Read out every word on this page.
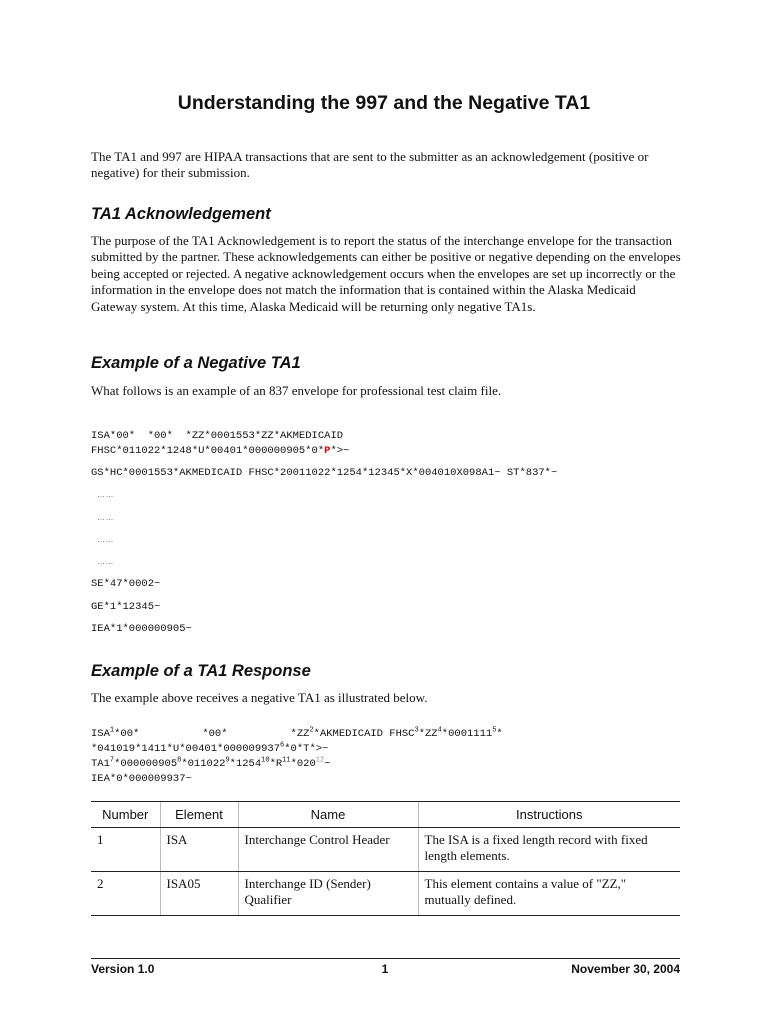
Understanding the 997 and the Negative TA1

The TA1 and 997 are HIPAA transactions that are sent to the submitter as an acknowledgement (positive or negative) for their submission.

TA1 Acknowledgement

The purpose of the TA1 Acknowledgement is to report the status of the interchange envelope for the transaction submitted by the partner. These acknowledgements can either be positive or negative depending on the envelopes being accepted or rejected. A negative acknowledgement occurs when the envelopes are set up incorrectly or the information in the envelope does not match the information that is contained within the Alaska Medicaid Gateway system. At this time, Alaska Medicaid will be returning only negative TA1s.

Example of a Negative TA1

What follows is an example of an 837 envelope for professional test claim file.

ISA*00*  *00*  *ZZ*0001553*ZZ*AKMEDICAID
FHSC*011022*1248*U*00401*000000905*0*P*>~
GS*HC*0001553*AKMEDICAID FHSC*20011022*1254*12345*X*004010X098A1~ ST*837*~
……
……
……
……
SE*47*0002~
GE*1*12345~
IEA*1*000000905~
Example of a TA1 Response

The example above receives a negative TA1 as illustrated below.

ISA$^1$*00*          *00*          $*ZZ^2*AKMEDICAID$ $FHSC^3*ZZ^4*0001111^5*$
$*041019*1411*U*00401*000009937^6*0*T*>\sim$
$TA1^7*000000905^8*011022^9*1254^{10}*R^{11}*020^{12}\sim$
IEA*0*000009937~
Number	Element	Name	Instructions
1	ISA	Interchange Control Header	The ISA is a fixed length record with fixed length elements.
2	ISA05	Interchange ID (Sender) Qualifier	This element contains a value of "ZZ," mutually defined.

Version 1.0	1	November 30, 2004
